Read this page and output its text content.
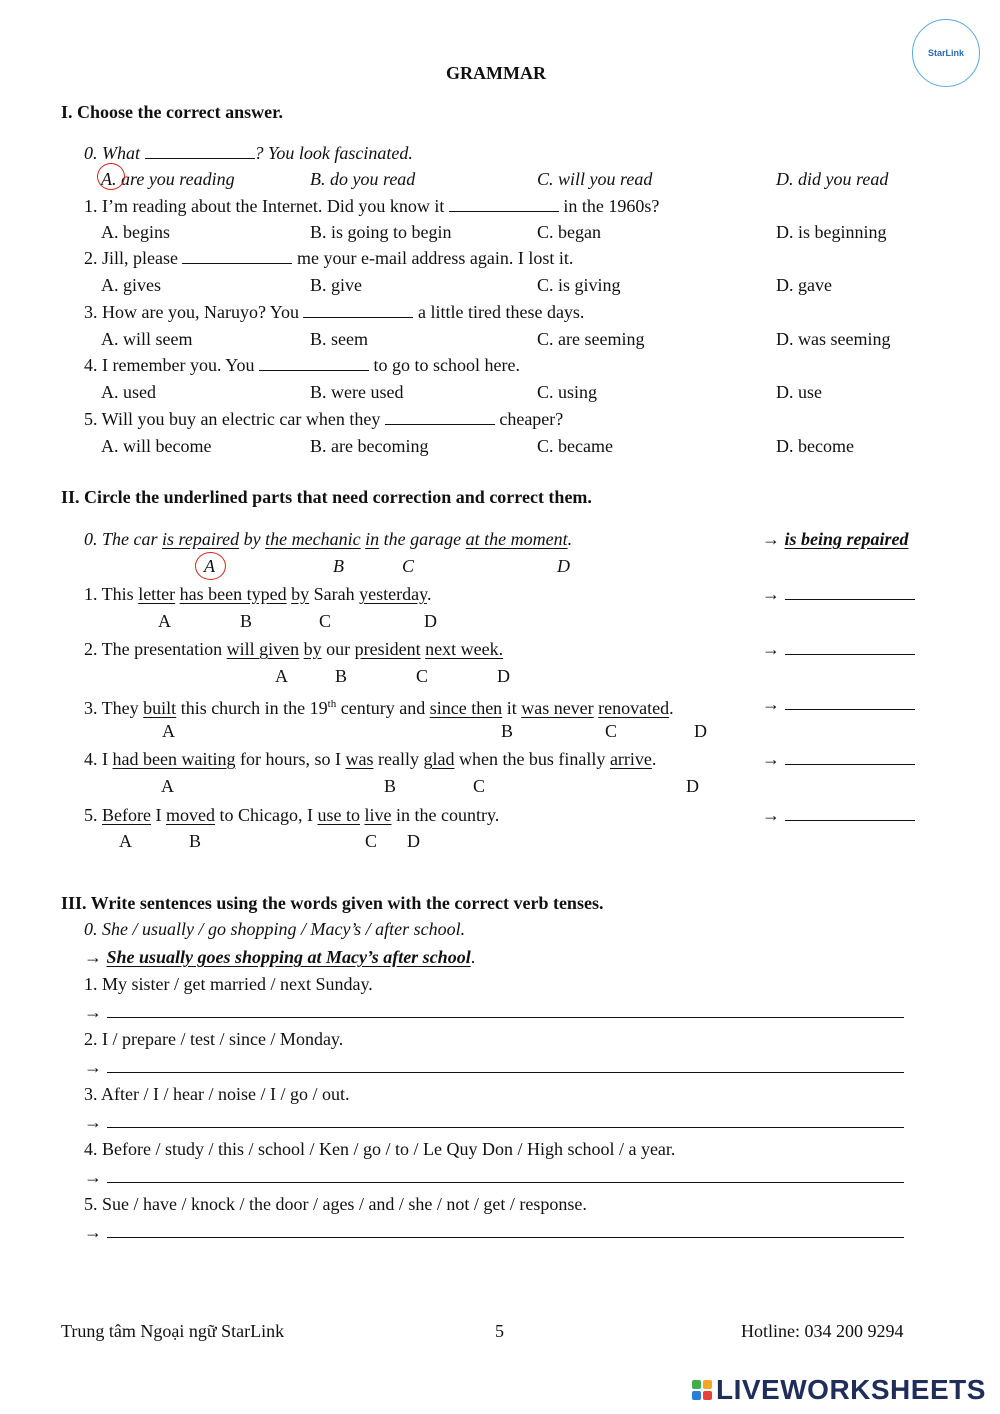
StarLink
GRAMMAR
I. Choose the correct answer.
0. What	? You look fascinated.
A. are you reading	B. do you read	C. will you read	D. did you read
1. I’m reading about the Internet. Did you know it	in the 1960s?
A. begins	B. is going to begin	C. began	D. is beginning
2. Jill, please	me your e-mail address again. I lost it.
A. gives	B. give	C. is giving	D. gave
3. How are you, Naruyo? You	a little tired these days.
A. will seem	B. seem	C. are seeming	D. was seeming
4. I remember you. You	to go to school here.
A. used	B. were used	C. using	D. use
5. Will you buy an electric car when they	cheaper?
A. will become	B. are becoming	C. became	D. become
II. Circle the underlined parts that need correction and correct them.
0. The car is repaired by the mechanic in the garage at the moment.	→ is being repaired
A	B	C	D
1. This letter has been typed by Sarah yesterday.	→
A	B	C	D
2. The presentation will given by our president next week.	→
A	B	C	D
3. They built this church in the 19th century and since then it was never renovated.	→
A	B	C	D
4. I had been waiting for hours, so I was really glad when the bus finally arrive.	→
A	B	C	D
5. Before I moved to Chicago, I use to live in the country.	→
A	B	C D
III. Write sentences using the words given with the correct verb tenses.
0. She / usually / go shopping / Macy’s / after school.
→ She usually goes shopping at Macy’s after school.
1. My sister / get married / next Sunday.
→
2. I / prepare / test / since / Monday.
→
3. After / I / hear / noise / I / go / out.
→
4. Before / study / this / school / Ken / go / to / Le Quy Don / High school / a year.
→
5. Sue / have / knock / the door / ages / and / she / not / get / response.
→
Trung tâm Ngoại ngữ StarLink	5	Hotline: 034 200 9294
LIVEWORKSHEETS
